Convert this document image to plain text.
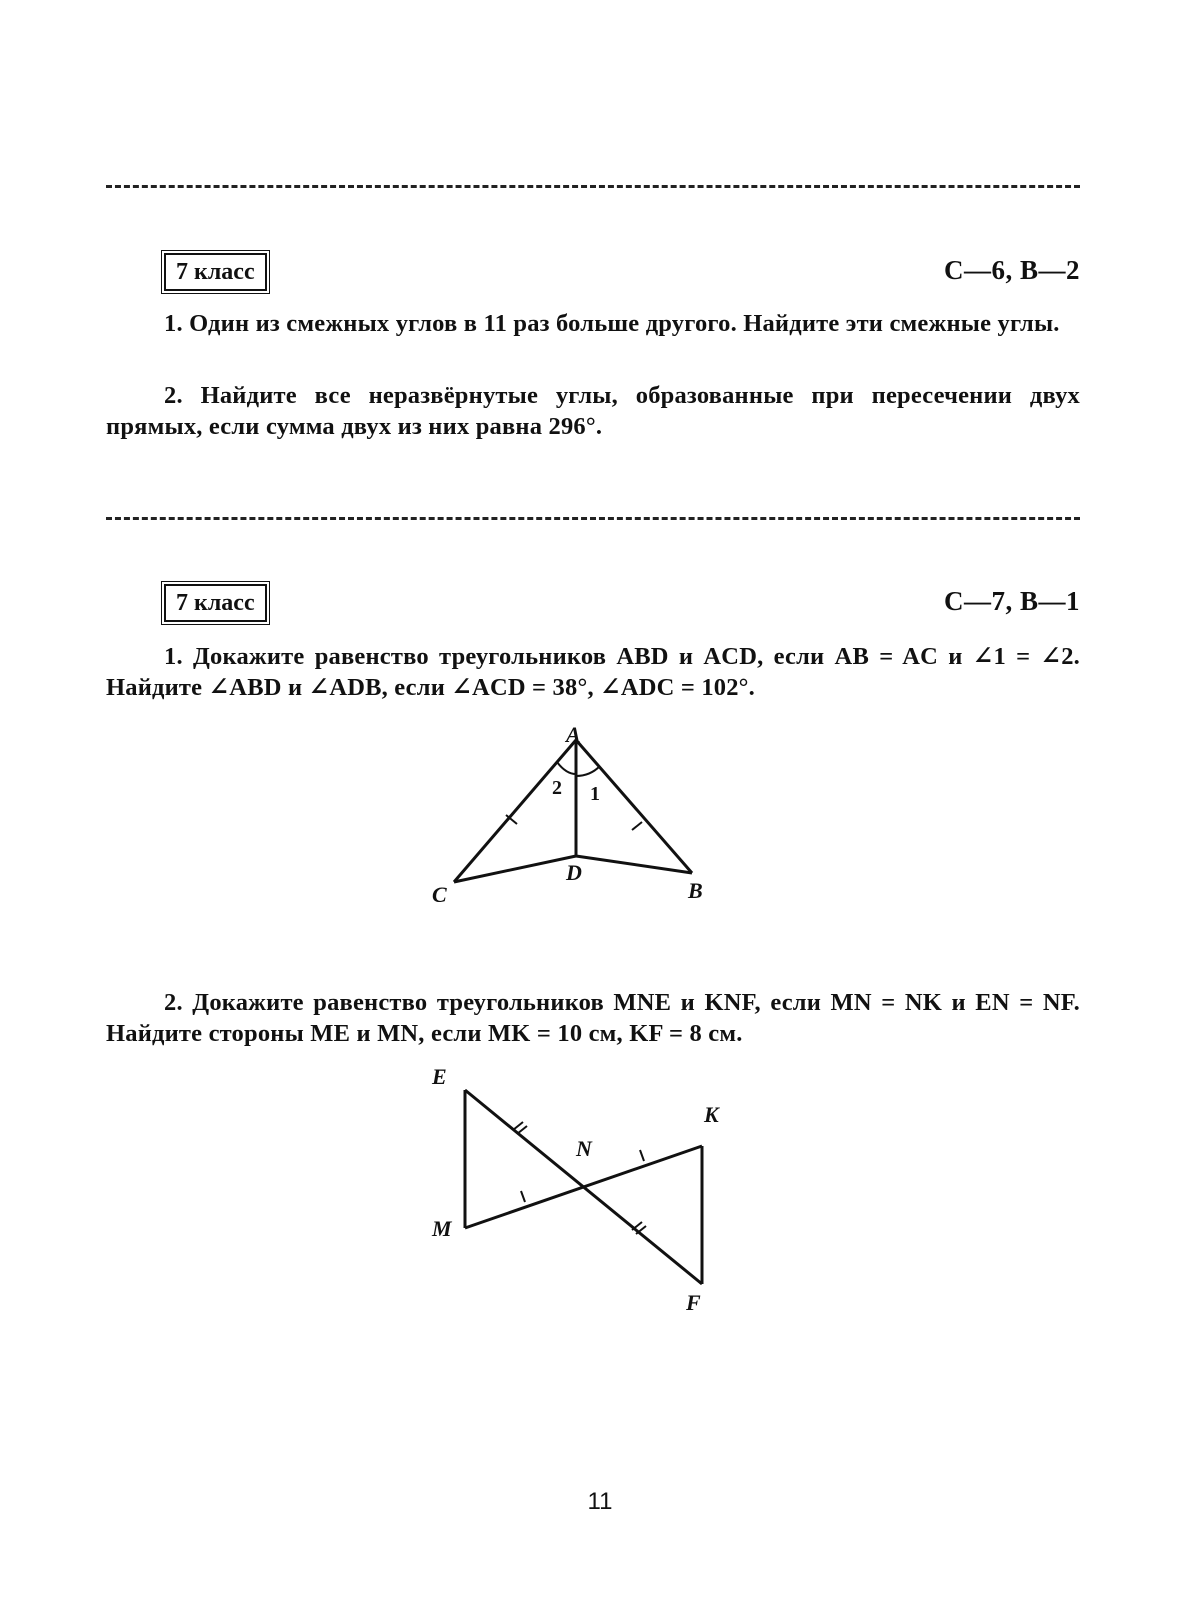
7 класс	С—6, В—2
1. Один из смежных углов в 11 раз больше другого. Найдите эти смежные углы.
2. Найдите все неразвёрнутые углы, образованные при пересечении двух прямых, если сумма двух из них равна 296°.
7 класс	С—7, В—1
1. Докажите равенство треугольников ABD и ACD, если AB = AC и ∠1 = ∠2. Найдите ∠ABD и ∠ADB, если ∠ACD = 38°, ∠ADC = 102°.
A
B
C
D
2 1
2. Докажите равенство треугольников MNE и KNF, если MN = NK и EN = NF. Найдите стороны ME и MN, если MK = 10 см, KF = 8 см.
E
K
N
M
F
11
